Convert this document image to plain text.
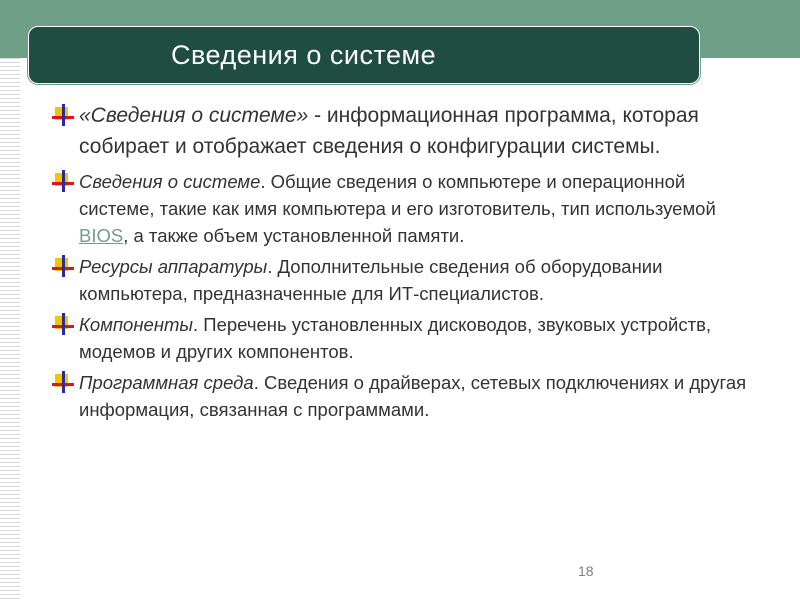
Сведения о системе
«Сведения о системе» - информационная программа, которая собирает и отображает сведения о конфигурации системы.
Сведения о системе. Общие сведения о компьютере и операционной системе, такие как имя компьютера и его изготовитель, тип используемой BIOS, а также объем установленной памяти.
Ресурсы аппаратуры. Дополнительные сведения об оборудовании компьютера, предназначенные для ИТ-специалистов.
Компоненты. Перечень установленных дисководов, звуковых устройств, модемов и других компонентов.
Программная среда. Сведения о драйверах, сетевых подключениях и другая информация, связанная с программами.
18
